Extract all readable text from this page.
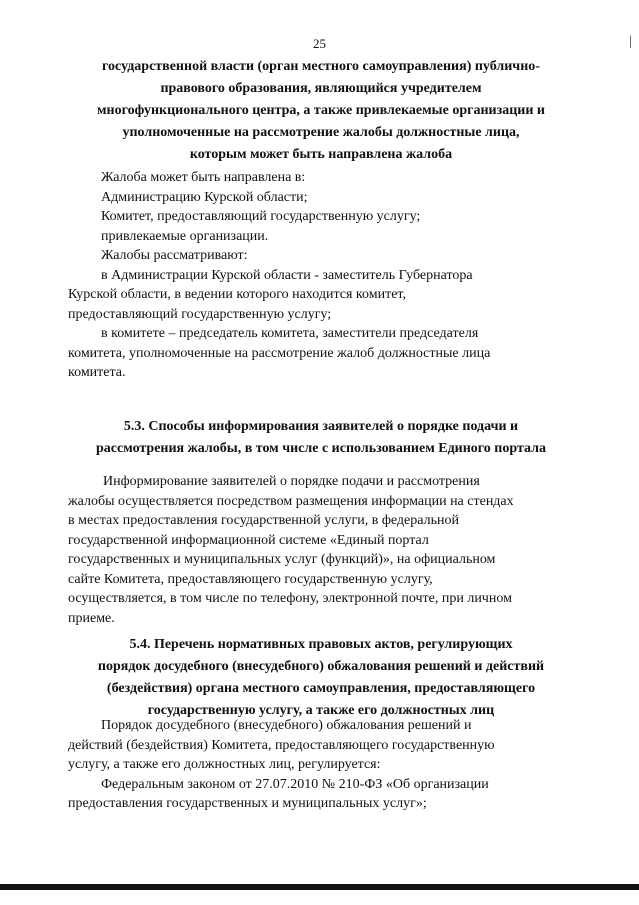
25	|
государственной власти (орган местного самоуправления) публично-
правового образования, являющийся учредителем
многофункционального центра, а также привлекаемые организации и
уполномоченные на рассмотрение жалобы должностные лица,
которым может быть направлена жалоба
Жалоба может быть направлена в:
Администрацию Курской области;
Комитет, предоставляющий государственную услугу;
привлекаемые организации.
Жалобы рассматривают:
в Администрации Курской области - заместитель Губернатора
Курской области, в ведении которого находится комитет,
предоставляющий государственную услугу;
в комитете – председатель комитета, заместители председателя
комитета, уполномоченные на рассмотрение жалоб должностные лица
комитета.
5.3. Способы информирования заявителей о порядке подачи и
рассмотрения жалобы, в том числе с использованием Единого портала
Информирование заявителей о порядке подачи и рассмотрения
жалобы осуществляется посредством размещения информации на стендах
в местах предоставления государственной услуги, в федеральной
государственной информационной системе «Единый портал
государственных и муниципальных услуг (функций)», на официальном
сайте Комитета, предоставляющего государственную услугу,
осуществляется, в том числе по телефону, электронной почте, при личном
приеме.
5.4. Перечень нормативных правовых актов, регулирующих
порядок досудебного (внесудебного) обжалования решений и действий
(бездействия) органа местного самоуправления, предоставляющего
государственную услугу, а также его должностных лиц
Порядок досудебного (внесудебного) обжалования решений и
действий (бездействия) Комитета, предоставляющего государственную
услугу, а также его должностных лиц, регулируется:
Федеральным законом от 27.07.2010 № 210-ФЗ «Об организации
предоставления государственных и муниципальных услуг»;
